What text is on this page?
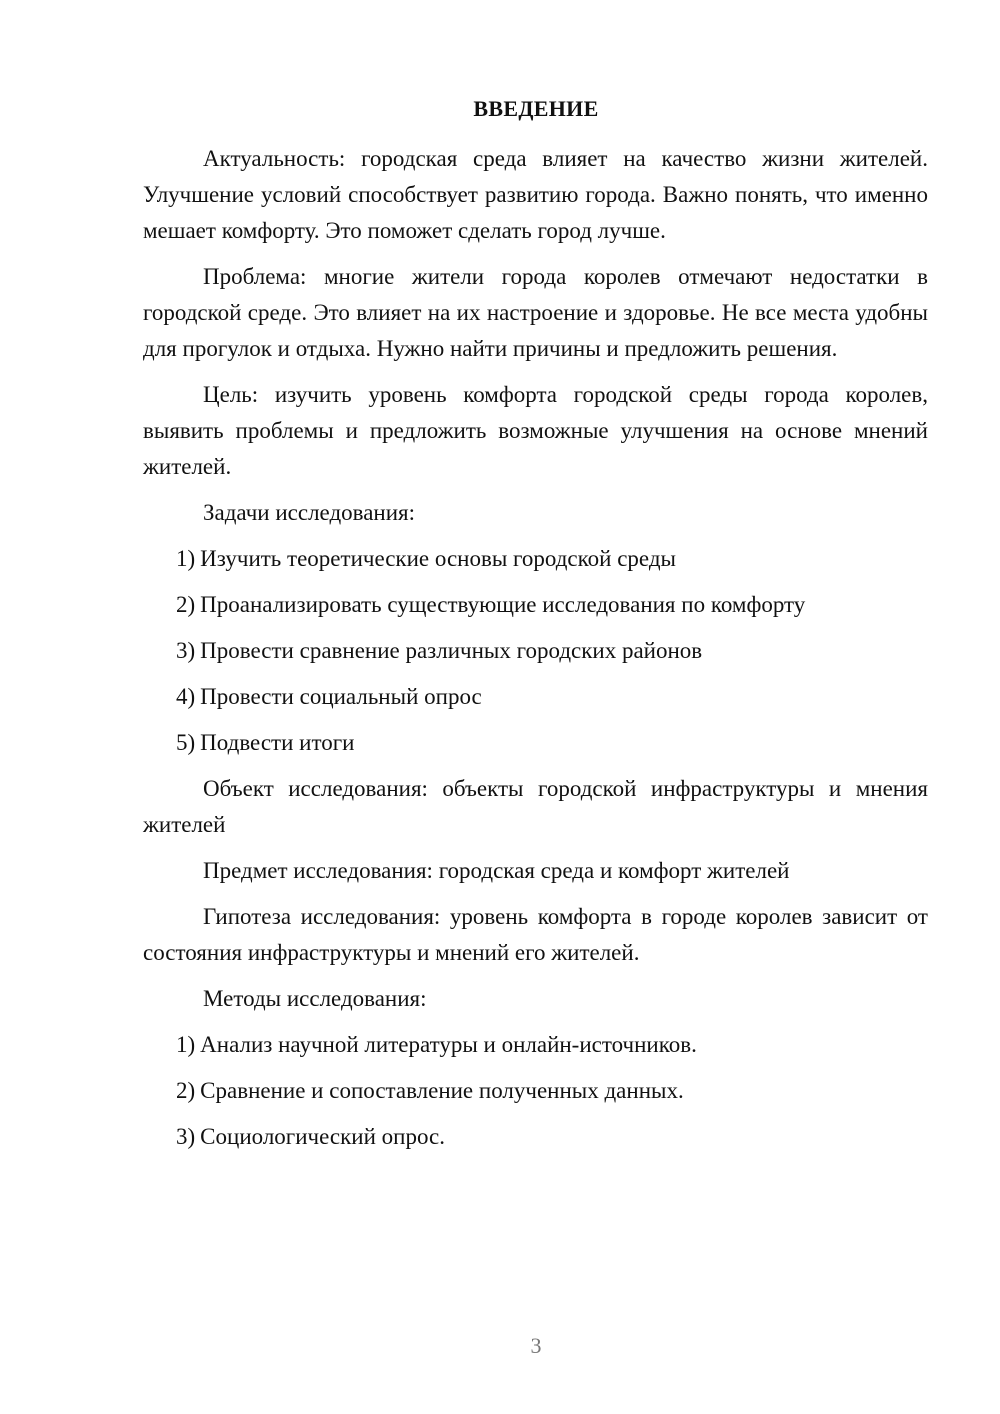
ВВЕДЕНИЕ

Актуальность: городская среда влияет на качество жизни жителей. Улучшение условий способствует развитию города. Важно понять, что именно мешает комфорту. Это поможет сделать город лучше.

Проблема: многие жители города королев отмечают недостатки в городской среде. Это влияет на их настроение и здоровье. Не все места удобны для прогулок и отдыха. Нужно найти причины и предложить решения.

Цель: изучить уровень комфорта городской среды города королев, выявить проблемы и предложить возможные улучшения на основе мнений жителей.

Задачи исследования:

1) Изучить теоретические основы городской среды
2) Проанализировать существующие исследования по комфорту
3) Провести сравнение различных городских районов
4) Провести социальный опрос
5) Подвести итоги

Объект исследования: объекты городской инфраструктуры и мнения жителей

Предмет исследования: городская среда и комфорт жителей

Гипотеза исследования: уровень комфорта в городе королев зависит от состояния инфраструктуры и мнений его жителей.

Методы исследования:

1) Анализ научной литературы и онлайн-источников.
2) Сравнение и сопоставление полученных данных.
3) Социологический опрос.
3
